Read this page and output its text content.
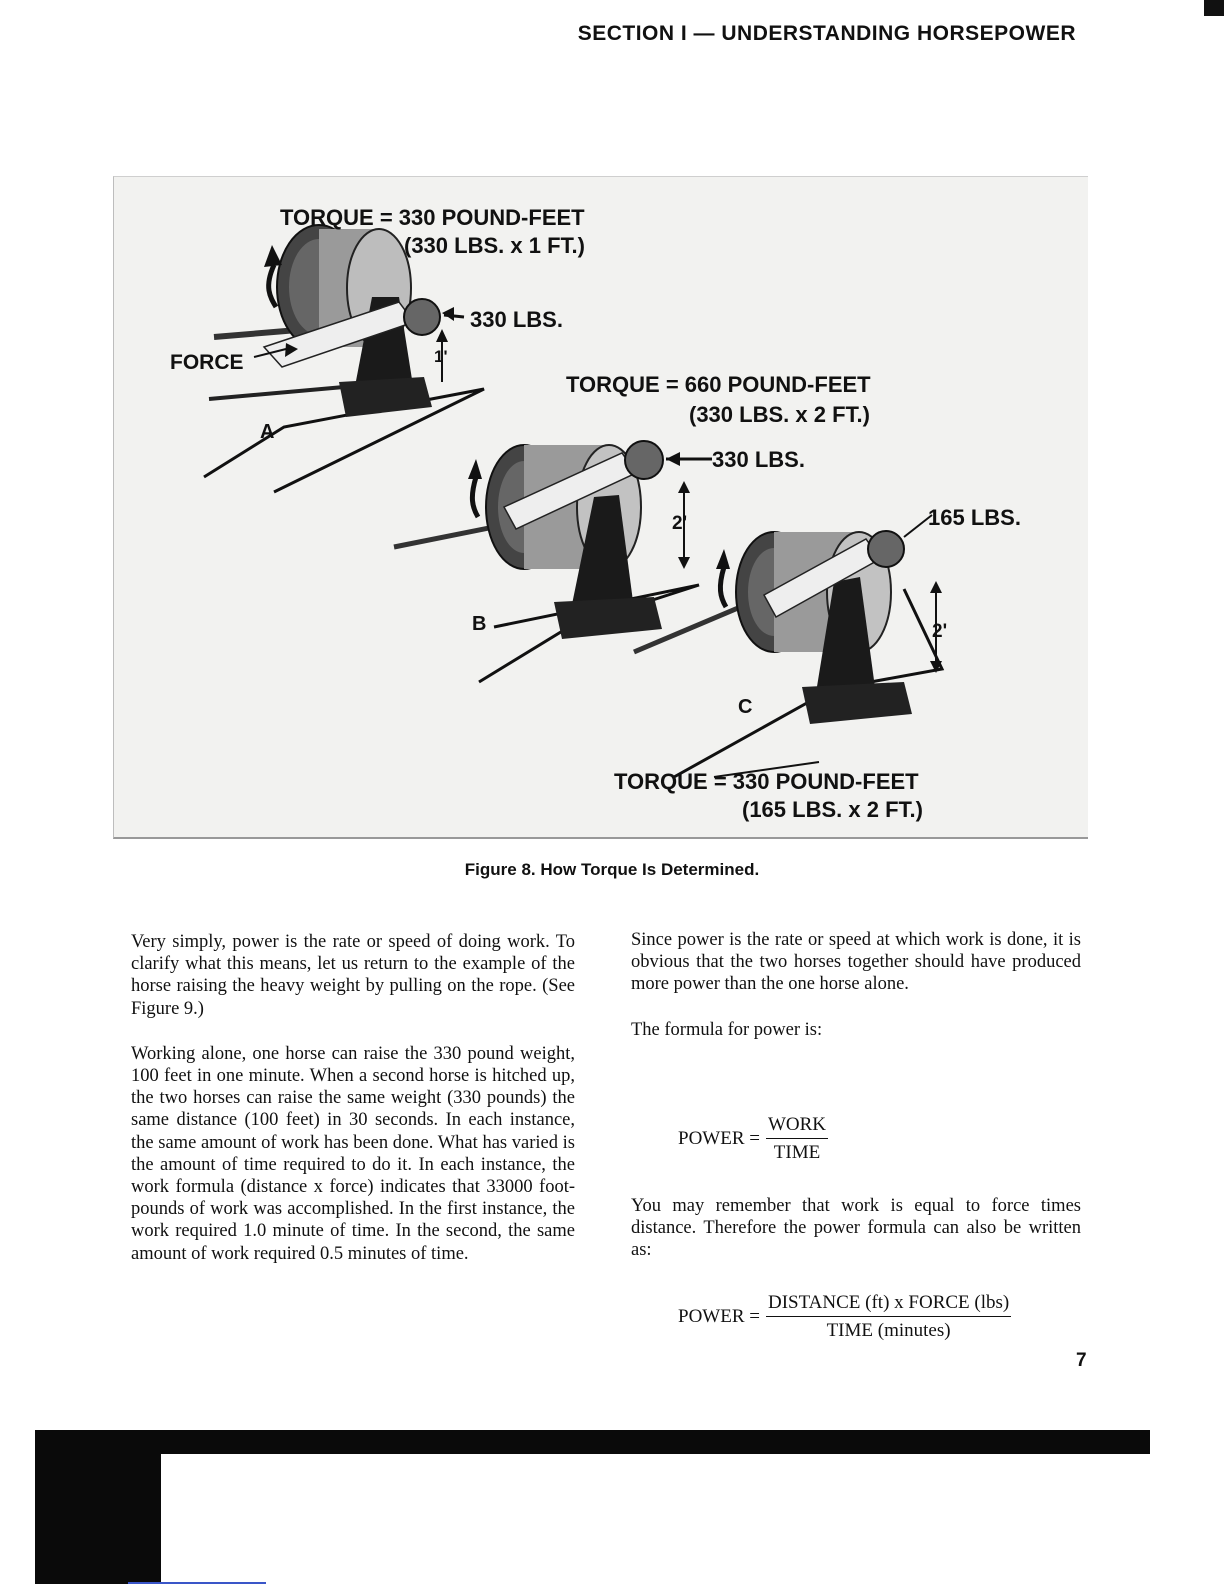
SECTION I — UNDERSTANDING HORSEPOWER
TORQUE = 330 POUND-FEET
(330 LBS. x 1 FT.)
330 LBS.
FORCE	1'
A
TORQUE = 660 POUND-FEET
(330 LBS. x 2 FT.)
330 LBS.
2'
B
165 LBS.
2'
C
TORQUE = 330 POUND-FEET
(165 LBS. x 2 FT.)
Figure 8. How Torque Is Determined.

Very simply, power is the rate or speed of doing work. To clarify what this means, let us return to the example of the horse raising the heavy weight by pulling on the rope. (See Figure 9.)

Working alone, one horse can raise the 330 pound weight, 100 feet in one minute. When a second horse is hitched up, the two horses can raise the same weight (330 pounds) the same distance (100 feet) in 30 seconds. In each instance, the same amount of work has been done. What has varied is the amount of time required to do it. In each instance, the work formula (distance x force) indicates that 33000 foot-pounds of work was accomplished. In the first instance, the work required 1.0 minute of time. In the second, the same amount of work required 0.5 minutes of time.

Since power is the rate or speed at which work is done, it is obvious that the two horses together should have produced more power than the one horse alone.

The formula for power is:

POWER = $\frac{\text{WORK}}{\text{TIME}}$

You may remember that work is equal to force times distance. Therefore the power formula can also be written as:

POWER = $\frac{\text{DISTANCE (ft) x FORCE (lbs)}}{\text{TIME (minutes)}}$
7
